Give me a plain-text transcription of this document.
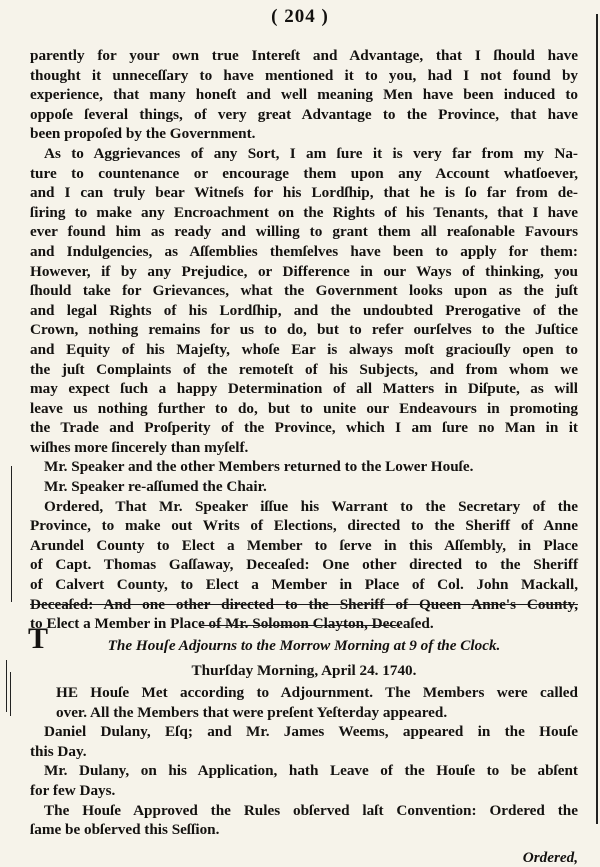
( 204 )
parently for your own true Intereſt and Advantage, that I ſhould have
thought it unneceſſary to have mentioned it to you, had I not found by
experience, that many honeſt and well meaning Men have been induced to
oppoſe ſeveral things, of very great Advantage to the Province, that have
been propoſed by the Government.
As to Aggrievances of any Sort, I am ſure it is very far from my Na-
ture to countenance or encourage them upon any Account whatſoever,
and I can truly bear Witneſs for his Lordſhip, that he is ſo far from de-
ſiring to make any Encroachment on the Rights of his Tenants, that I have
ever found him as ready and willing to grant them all reaſonable Favours
and Indulgencies, as Aſſemblies themſelves have been to apply for them:
However, if by any Prejudice, or Difference in our Ways of thinking, you
ſhould take for Grievances, what the Government looks upon as the juſt
and legal Rights of his Lordſhip, and the undoubted Prerogative of the
Crown, nothing remains for us to do, but to refer ourſelves to the Juſtice
and Equity of his Majeſty, whoſe Ear is always moſt graciouſly open to
the juſt Complaints of the remoteſt of his Subjects, and from whom we
may expect ſuch a happy Determination of all Matters in Diſpute, as will
leave us nothing further to do, but to unite our Endeavours in promoting
the Trade and Proſperity of the Province, which I am ſure no Man in it
wiſhes more ſincerely than myſelf.
Mr. Speaker and the other Members returned to the Lower Houſe.
Mr. Speaker re-aſſumed the Chair.
Ordered, That Mr. Speaker iſſue his Warrant to the Secretary of the
Province, to make out Writs of Elections, directed to the Sheriff of Anne
Arundel County to Elect a Member to ſerve in this Aſſembly, in Place
of Capt. Thomas Gaſſaway, Deceaſed: One other directed to the Sheriff
of Calvert County, to Elect a Member in Place of Col. John Mackall,
Deceaſed: And one other directed to the Sheriff of Queen Anne's County,
to Elect a Member in Place of Mr. Solomon Clayton, Deceaſed.
The Houſe Adjourns to the Morrow Morning at 9 of the Clock.
Thurſday Morning, April 24. 1740.
HE Houſe Met according to Adjournment. The Members were called
over. All the Members that were preſent Yeſterday appeared.
Daniel Dulany, Eſq; and Mr. James Weems, appeared in the Houſe
this Day.
Mr. Dulany, on his Application, hath Leave of the Houſe to be abſent
for few Days.
The Houſe Approved the Rules obſerved laſt Convention: Ordered the
ſame be obſerved this Seſſion.
Ordered,
T
